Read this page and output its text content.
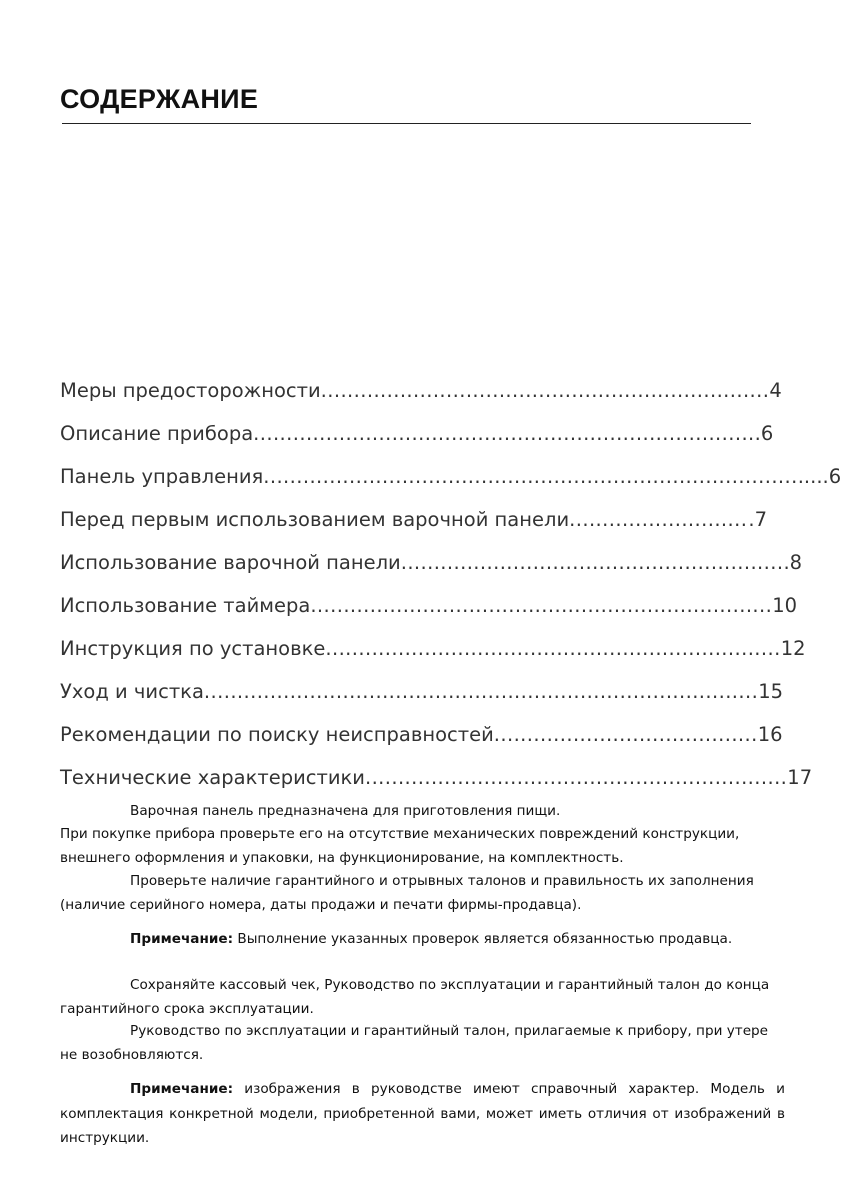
СОДЕРЖАНИЕ
Меры предосторожности .................................................................... 4
Описание прибора ............................................................................ .6
Панель управления ................................................................................. .....6
Перед первым использованием варочной панели ........................... .7
Использование варочной панели .......................................................... .8
Использование таймера ...................................................................... 10
Инструкция по установке ..................................................................... 12
Уход и чистка .................................................................................... 15
Рекомендации по поиску неисправностей ........................................ 16
Технические характеристики ................................................................ 17

Варочная панель предназначена для приготовления пищи.

При покупке прибора проверьте его на отсутствие механических повреждений конструкции, внешнего оформления и упаковки, на функционирование, на комплектность.

Проверьте наличие гарантийного и отрывных талонов и правильность их заполнения (наличие серийного номера, даты продажи и печати фирмы-продавца).

Примечание: Выполнение указанных проверок является обязанностью продавца.

Сохраняйте кассовый чек, Руководство по эксплуатации и гарантийный талон до конца гарантийного срока эксплуатации.

Руководство по эксплуатации и гарантийный талон, прилагаемые к прибору, при утере не возобновляются.

Примечание: изображения в руководстве имеют справочный характер. Модель и комплектация конкретной модели, приобретенной вами, может иметь отличия от изображений в инструкции.
